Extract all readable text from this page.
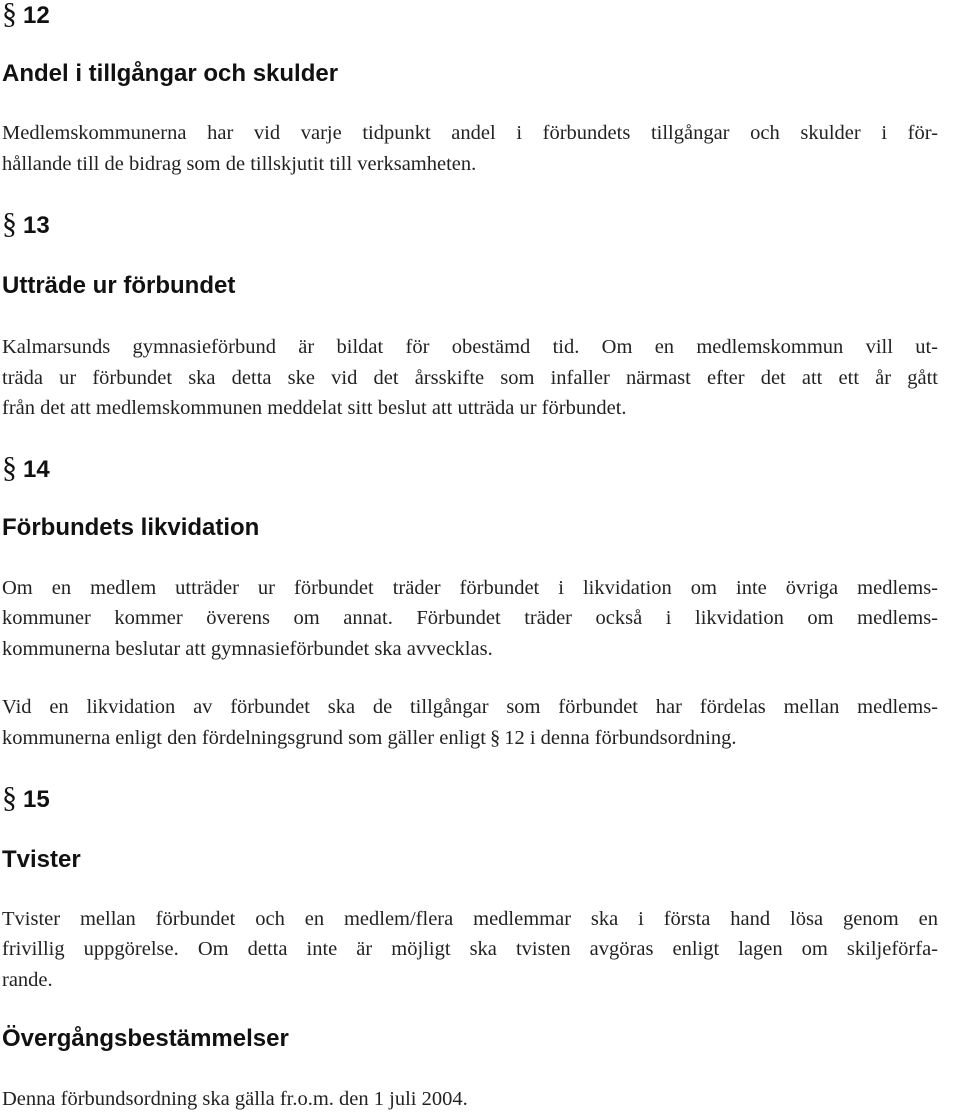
§ 12
Andel i tillgångar och skulder
Medlemskommunerna har vid varje tidpunkt andel i förbundets tillgångar och skulder i för-
hållande till de bidrag som de tillskjutit till verksamheten.
§ 13
Utträde ur förbundet
Kalmarsunds gymnasieförbund är bildat för obestämd tid. Om en medlemskommun vill ut-
träda ur förbundet ska detta ske vid det årsskifte som infaller närmast efter det att ett år gått
från det att medlemskommunen meddelat sitt beslut att utträda ur förbundet.
§ 14
Förbundets likvidation
Om en medlem utträder ur förbundet träder förbundet i likvidation om inte övriga medlems-
kommuner kommer överens om annat. Förbundet träder också i likvidation om medlems-
kommunerna beslutar att gymnasieförbundet ska avvecklas.
Vid en likvidation av förbundet ska de tillgångar som förbundet har fördelas mellan medlems-
kommunerna enligt den fördelningsgrund som gäller enligt § 12 i denna förbundsordning.
§ 15
Tvister
Tvister mellan förbundet och en medlem/flera medlemmar ska i första hand lösa genom en
frivillig uppgörelse. Om detta inte är möjligt ska tvisten avgöras enligt lagen om skiljeförfa-
rande.
Övergångsbestämmelser
Denna förbundsordning ska gälla fr.o.m. den 1 juli 2004.
